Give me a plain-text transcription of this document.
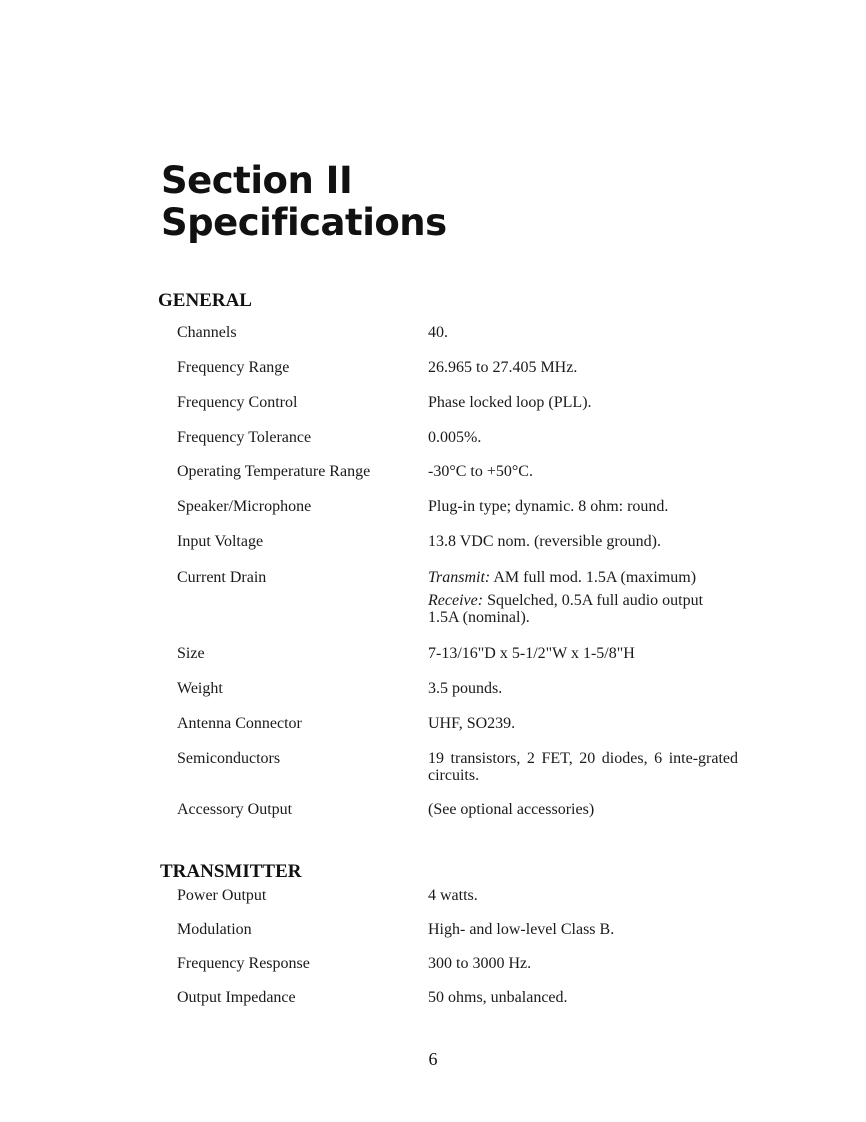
Section II
Specifications
GENERAL
Channels	40.
Frequency Range	26.965 to 27.405 MHz.
Frequency Control	Phase locked loop (PLL).
Frequency Tolerance	0.005%.
Operating Temperature Range	-30°C to +50°C.
Speaker/Microphone	Plug-in type; dynamic. 8 ohm: round.
Input Voltage	13.8 VDC nom. (reversible ground).
Current Drain	Transmit: AM full mod. 1.5A (maximum)
Receive: Squelched, 0.5A full audio output
1.5A (nominal).
Size	7-13/16"D x 5-1/2"W x 1-5/8"H
Weight	3.5 pounds.
Antenna Connector	UHF, SO239.
Semiconductors	19 transistors, 2 FET, 20 diodes, 6 inte-grated circuits.
Accessory Output	(See optional accessories)
TRANSMITTER
Power Output	4 watts.
Modulation	High- and low-level Class B.
Frequency Response	300 to 3000 Hz.
Output Impedance	50 ohms, unbalanced.
6
